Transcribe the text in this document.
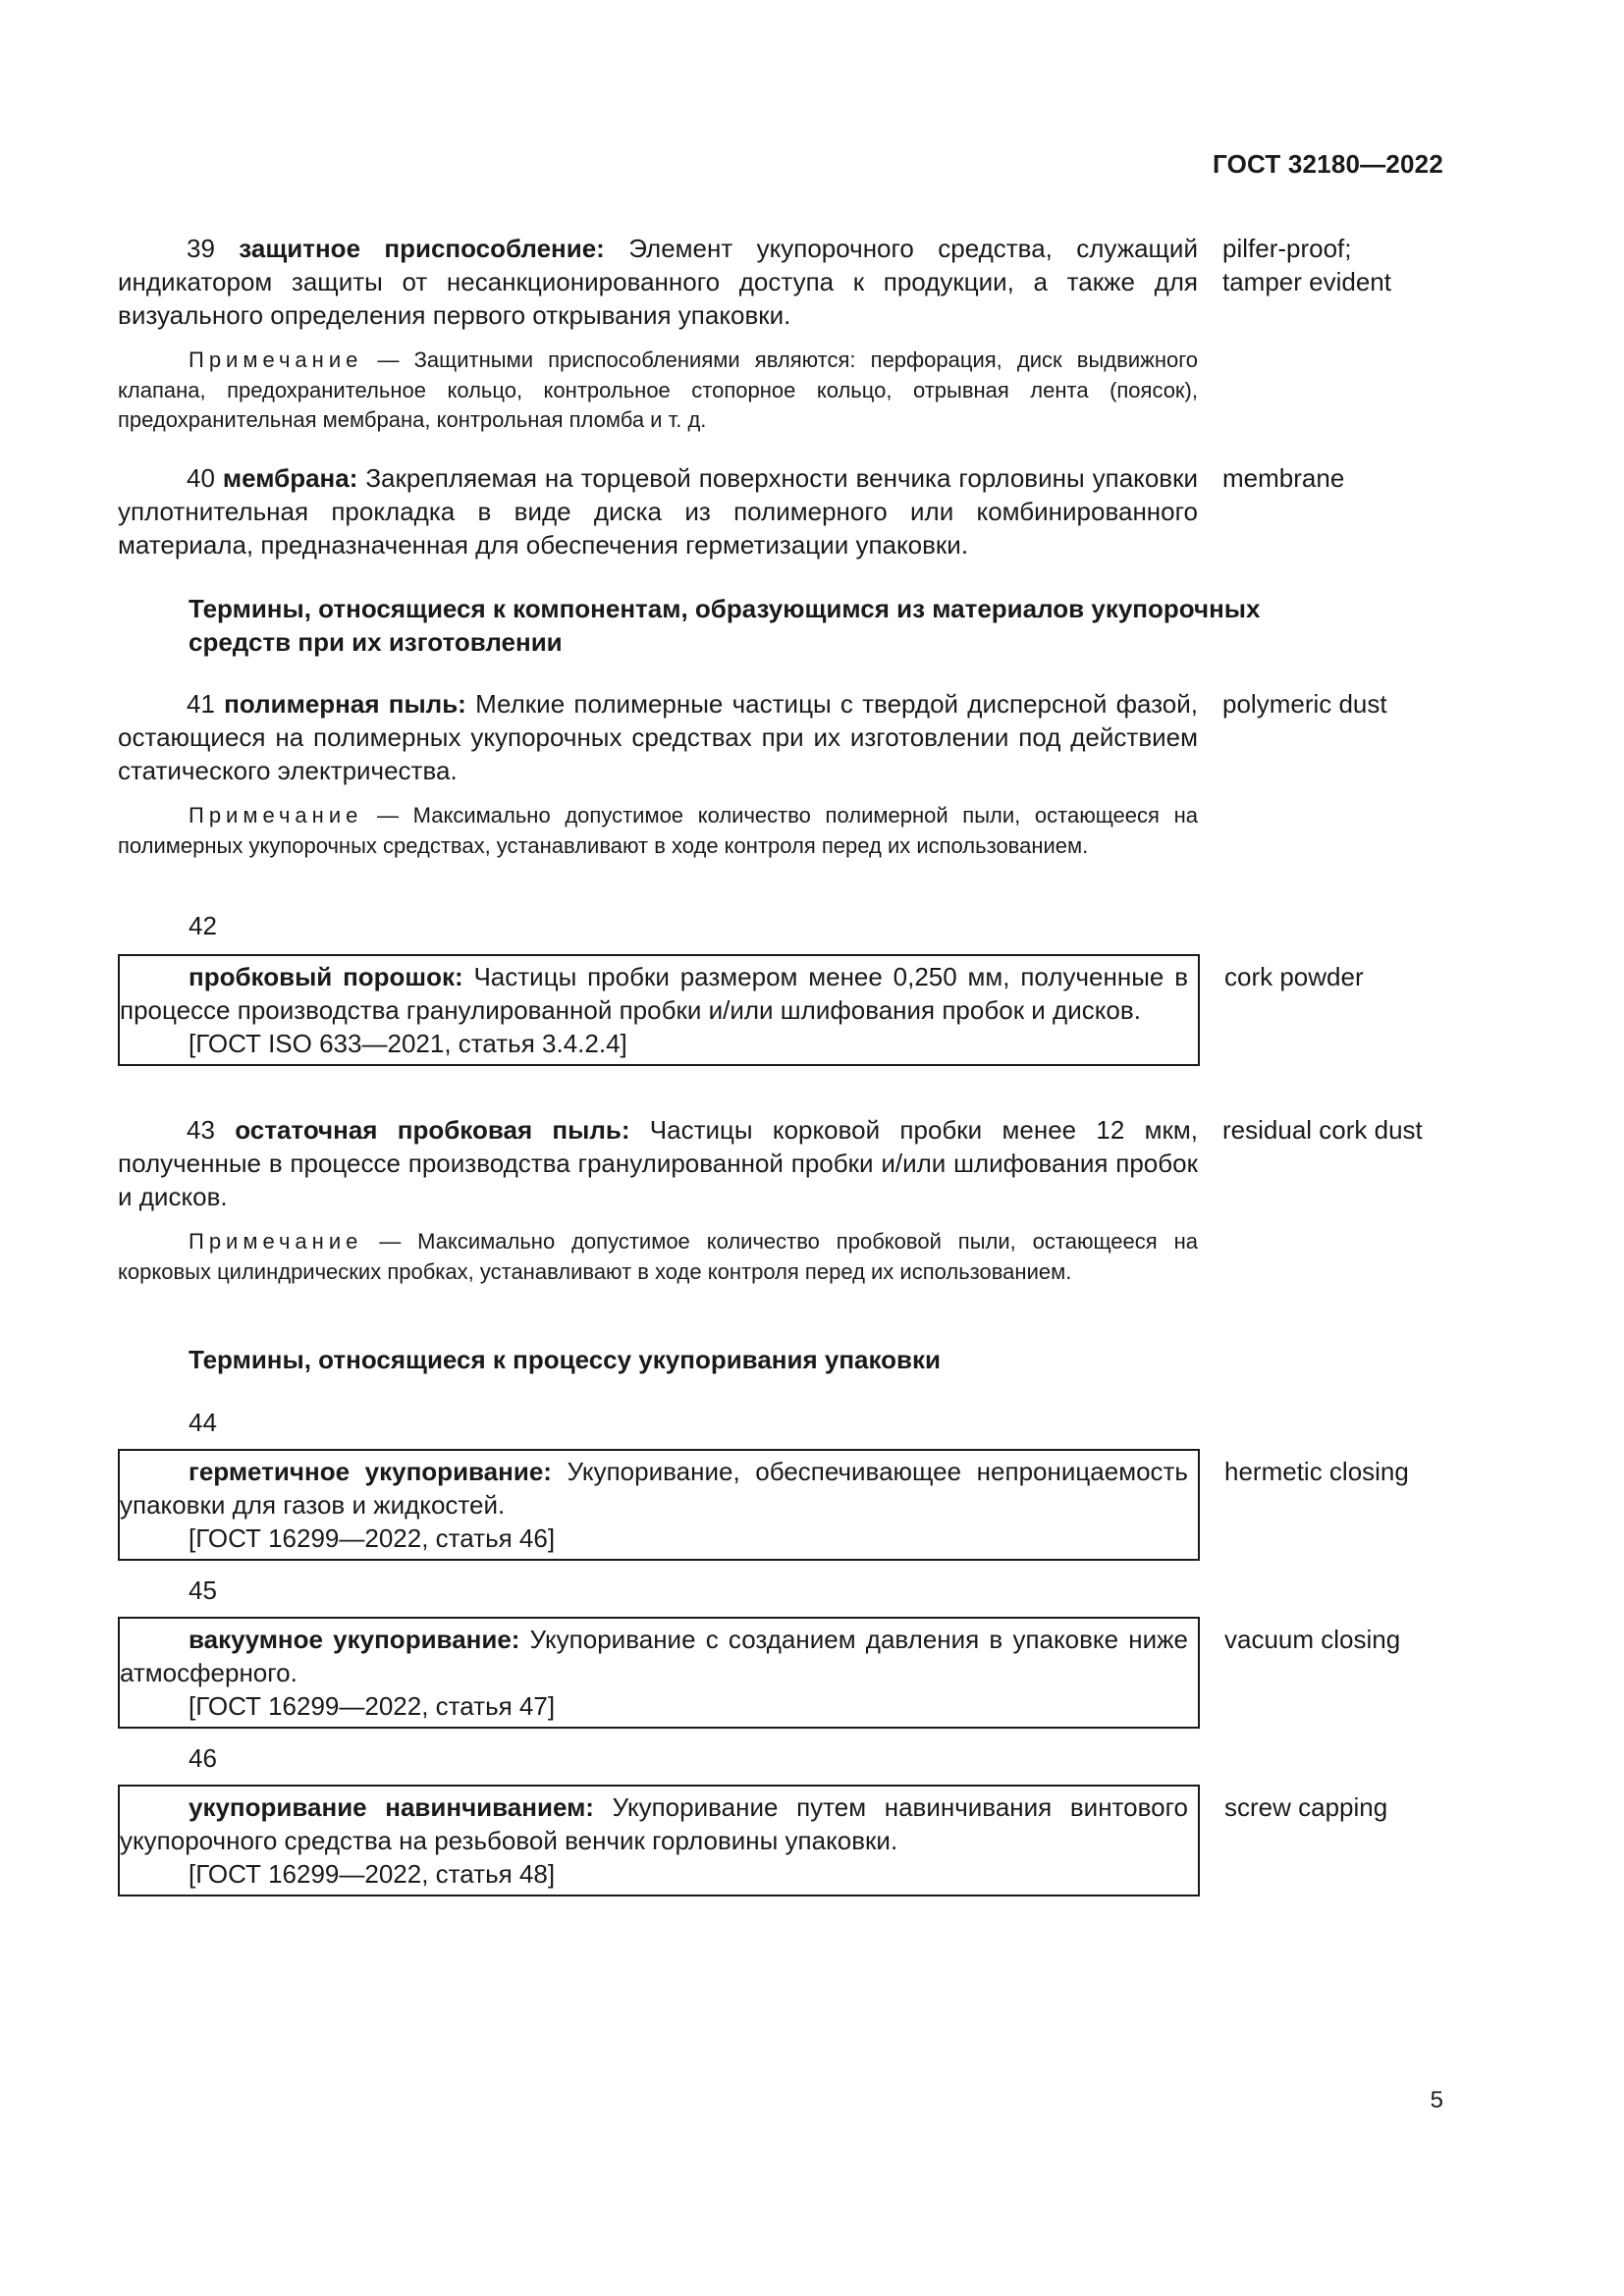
ГОСТ 32180—2022
39 защитное приспособление: Элемент укупорочного средства, служащий индикатором защиты от несанкционированного доступа к продукции, а также для визуального определения первого открывания упаковки.
pilfer-proof; tamper evident
Примечание — Защитными приспособлениями являются: перфорация, диск выдвижного клапана, предохранительное кольцо, контрольное стопорное кольцо, отрывная лента (поясок), предохранительная мембрана, контрольная пломба и т. д.
40 мембрана: Закрепляемая на торцевой поверхности венчика горловины упаковки уплотнительная прокладка в виде диска из полимерного или комбинированного материала, предназначенная для обеспечения герметизации упаковки.
membrane
Термины, относящиеся к компонентам, образующимся из материалов укупорочных средств при их изготовлении
41 полимерная пыль: Мелкие полимерные частицы с твердой дисперсной фазой, остающиеся на полимерных укупорочных средствах при их изготовлении под действием статического электричества.
polymeric dust
Примечание — Максимально допустимое количество полимерной пыли, остающееся на полимерных укупорочных средствах, устанавливают в ходе контроля перед их использованием.
42
пробковый порошок: Частицы пробки размером менее 0,250 мм, полученные в процессе производства гранулированной пробки и/или шлифования пробок и дисков.
[ГОСТ ISO 633—2021, статья 3.4.2.4]
cork powder
43 остаточная пробковая пыль: Частицы корковой пробки менее 12 мкм, полученные в процессе производства гранулированной пробки и/или шлифования пробок и дисков.
residual cork dust
Примечание — Максимально допустимое количество пробковой пыли, остающееся на корковых цилиндрических пробках, устанавливают в ходе контроля перед их использованием.
Термины, относящиеся к процессу укупоривания упаковки
44
герметичное укупоривание: Укупоривание, обеспечивающее непроницаемость упаковки для газов и жидкостей.
[ГОСТ 16299—2022, статья 46]
hermetic closing
45
вакуумное укупоривание: Укупоривание с созданием давления в упаковке ниже атмосферного.
[ГОСТ 16299—2022, статья 47]
vacuum closing
46
укупоривание навинчиванием: Укупоривание путем навинчивания винтового укупорочного средства на резьбовой венчик горловины упаковки.
[ГОСТ 16299—2022, статья 48]
screw capping
5
